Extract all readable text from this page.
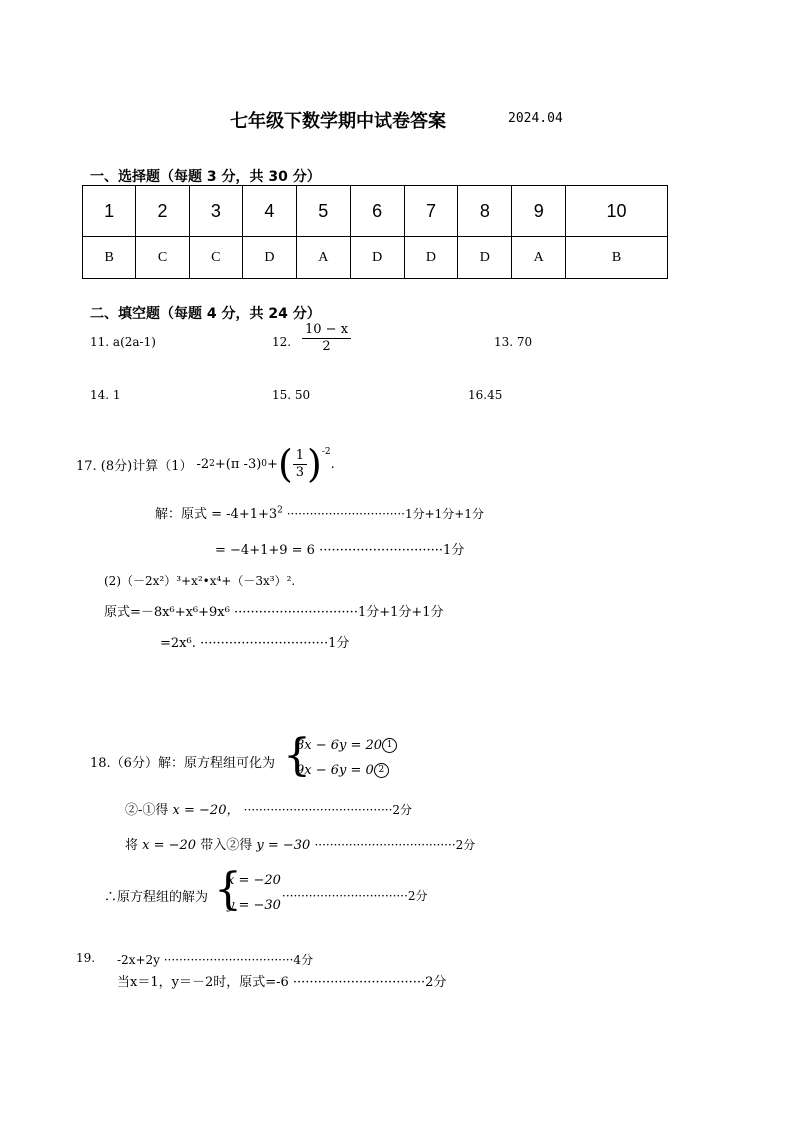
七年级下数学期中试卷答案	2024.04
一、选择题（每题 3 分，共 30 分）
1	2	3	4	5	6	7	8	9	10
B	C	C	D	A	D	D	D	A	B
二、填空题（每题 4 分，共 24 分）
11. a(2a-1)	12. $\frac{10 - x}{2}$	13. 70
14. 1	15. 50	16.45
17. (8分)计算（1） -2 2 +(π -3) 0 + ( $\frac{1}{3} )^{-2}$
.
解：原式 = $-4+1+3^2 \cdot\cdot\cdot\cdot\cdot\cdot\cdot\cdot\cdot\cdot\cdot\cdot\cdot\cdot\cdot\cdot\cdot\cdot\cdot\cdot\cdot\cdot\cdot\cdot\cdot\cdot\cdot\cdot\cdot\cdot\cdot 1$分+1分+1分
= −4+1+9 = 6 ······························1分
(2)（－2x²）³+x²•x⁴+（－3x³）².
原式=－8x⁶+x⁶+9x⁶ ······························1分+1分+1分
=2x⁶. ·······························1分
18.（6分）解：原方程组可化为 {
8x − 6y = 20 1
9x − 6y = 0 2
②-①得 x = −20， ·······································2分
将 x = −20 带入②得 y = −30 ·····································2分
∴原方程组的解为 {
x = −20
y = −30
·································2分
19. -2x+2y ··································4分
当x＝1，y＝－2时，原式=-6 ································2分
